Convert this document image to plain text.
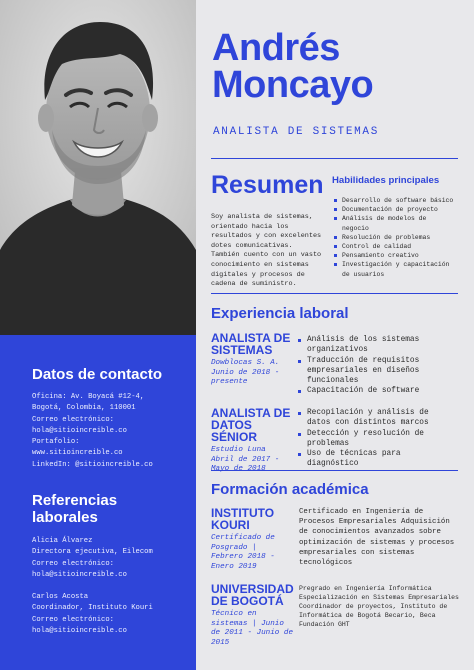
Datos de contacto
Oficina: Av. Boyacá #12-4,
Bogotá, Colombia, 110001
Correo electrónico:
hola@sitioincreible.co
Portafolio:
www.sitioincreible.co
LinkedIn: @sitioincreible.co
Referencias laborales
Alicia Álvarez
Directora ejecutiva, Eilecom
Correo electrónico:
hola@sitioincreible.co
Carlos Acosta
Coordinador, Instituto Kouri
Correo electrónico:
hola@sitioincreible.co
Andrés
Moncayo
ANALISTA DE SISTEMAS
Resumen
Soy analista de sistemas, orientado hacia los resultados y con excelentes dotes comunicativas. También cuento con un vasto conocimiento en sistemas digitales y procesos de cadena de suministro.
Habilidades principales
Desarrollo de software básico
Documentación de proyecto
Análisis de modelos de negocio
Resolución de problemas
Control de calidad
Pensamiento creativo
Investigación y capacitación de usuarios
Experiencia laboral
ANALISTA DE SISTEMAS
Dowblocas S. A. Junio de 2018 - presente
Análisis de los sistemas organizativos
Traducción de requisitos empresariales en diseños funcionales
Capacitación de software
ANALISTA DE DATOS SÉNIOR
Estudio Luna Abril de 2017 -
Recopilación y análisis de datos con distintos marcos
Detección y resolución de problemas
Uso de técnicas para diagnóstico
Formación académica
INSTITUTO KOURI
Certificado de Posgrado | Febrero 2018 - Enero 2019
Certificado en Ingeniería de Procesos Empresariales Adquisición de conocimientos avanzados sobre optimización de sistemas y procesos empresariales con sistemas tecnológicos
UNIVERSIDAD DE BOGOTÁ
Técnico en sistemas | Junio de 2011 - Junio de 2015
Pregrado en Ingeniería Informática Especialización en Sistemas Empresariales Coordinador de proyectos, Instituto de Informática de Bogotá Becario, Beca Fundación GHT
